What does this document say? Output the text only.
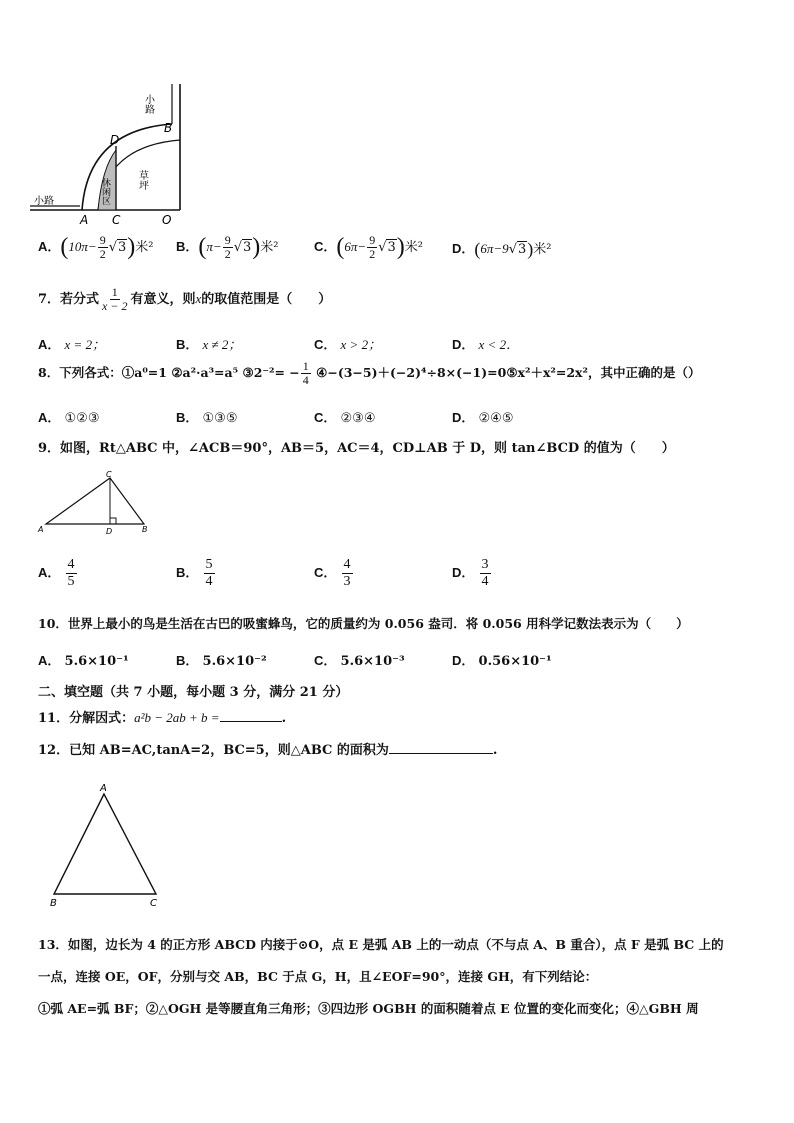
小路
小路
B
D
A C	O
草坪
休闲区
A．$(10\pi- \frac{9}{2} √3)$米² B．$(\pi- \frac{9}{2} √3)$米²	C．$(6\pi- \frac{9}{2} √3)$米² D．(6π−9√3)米²
7．若分式 $\frac{1}{x - 2}$ 有意义，则x的取值范围是（　　）
A． x = 2；	B． x ≠ 2；	C． x > 2；	D． x < 2．
8．下列各式：①a⁰=1 ②a²·a³=a⁵ ③2⁻²= − $\frac{1}{4}$ ④−(3−5)＋(−2)⁴÷8×(−1)=0⑤x²＋x²=2x²，其中正确的是（）
A． ①②③	B． ①③⑤	C． ②③④	D． ②④⑤
9．如图，Rt△ABC 中，∠ACB＝90°，AB＝5，AC＝4，CD⊥AB 于 D，则 tan∠BCD 的值为（　　）
C
A	D	B
A． $\frac{4}{5}$	B． $\frac{5}{4}$	C． $\frac{4}{3}$	D． $\frac{3}{4}$
10．世界上最小的鸟是生活在古巴的吸蜜蜂鸟，它的质量约为 0.056 盎司．将 0.056 用科学记数法表示为（　　）
A． 5.6×10⁻¹	B． 5.6×10⁻²	C． 5.6×10⁻³	D． 0.56×10⁻¹
二、填空题（共 7 小题，每小题 3 分，满分 21 分）
11．分解因式：a²b − 2ab + b =	.
12．已知 AB=AC,tanA=2，BC=5，则△ABC 的面积为	.
A
B	C
13．如图，边长为 4 的正方形 ABCD 内接于⊙O，点 E 是弧 AB 上的一动点（不与点 A、B 重合），点 F 是弧 BC 上的
一点，连接 OE，OF，分别与交 AB，BC 于点 G，H，且∠EOF=90°，连接 GH，有下列结论：
①弧 AE=弧 BF；②△OGH 是等腰直角三角形；③四边形 OGBH 的面积随着点 E 位置的变化而变化；④△GBH 周
